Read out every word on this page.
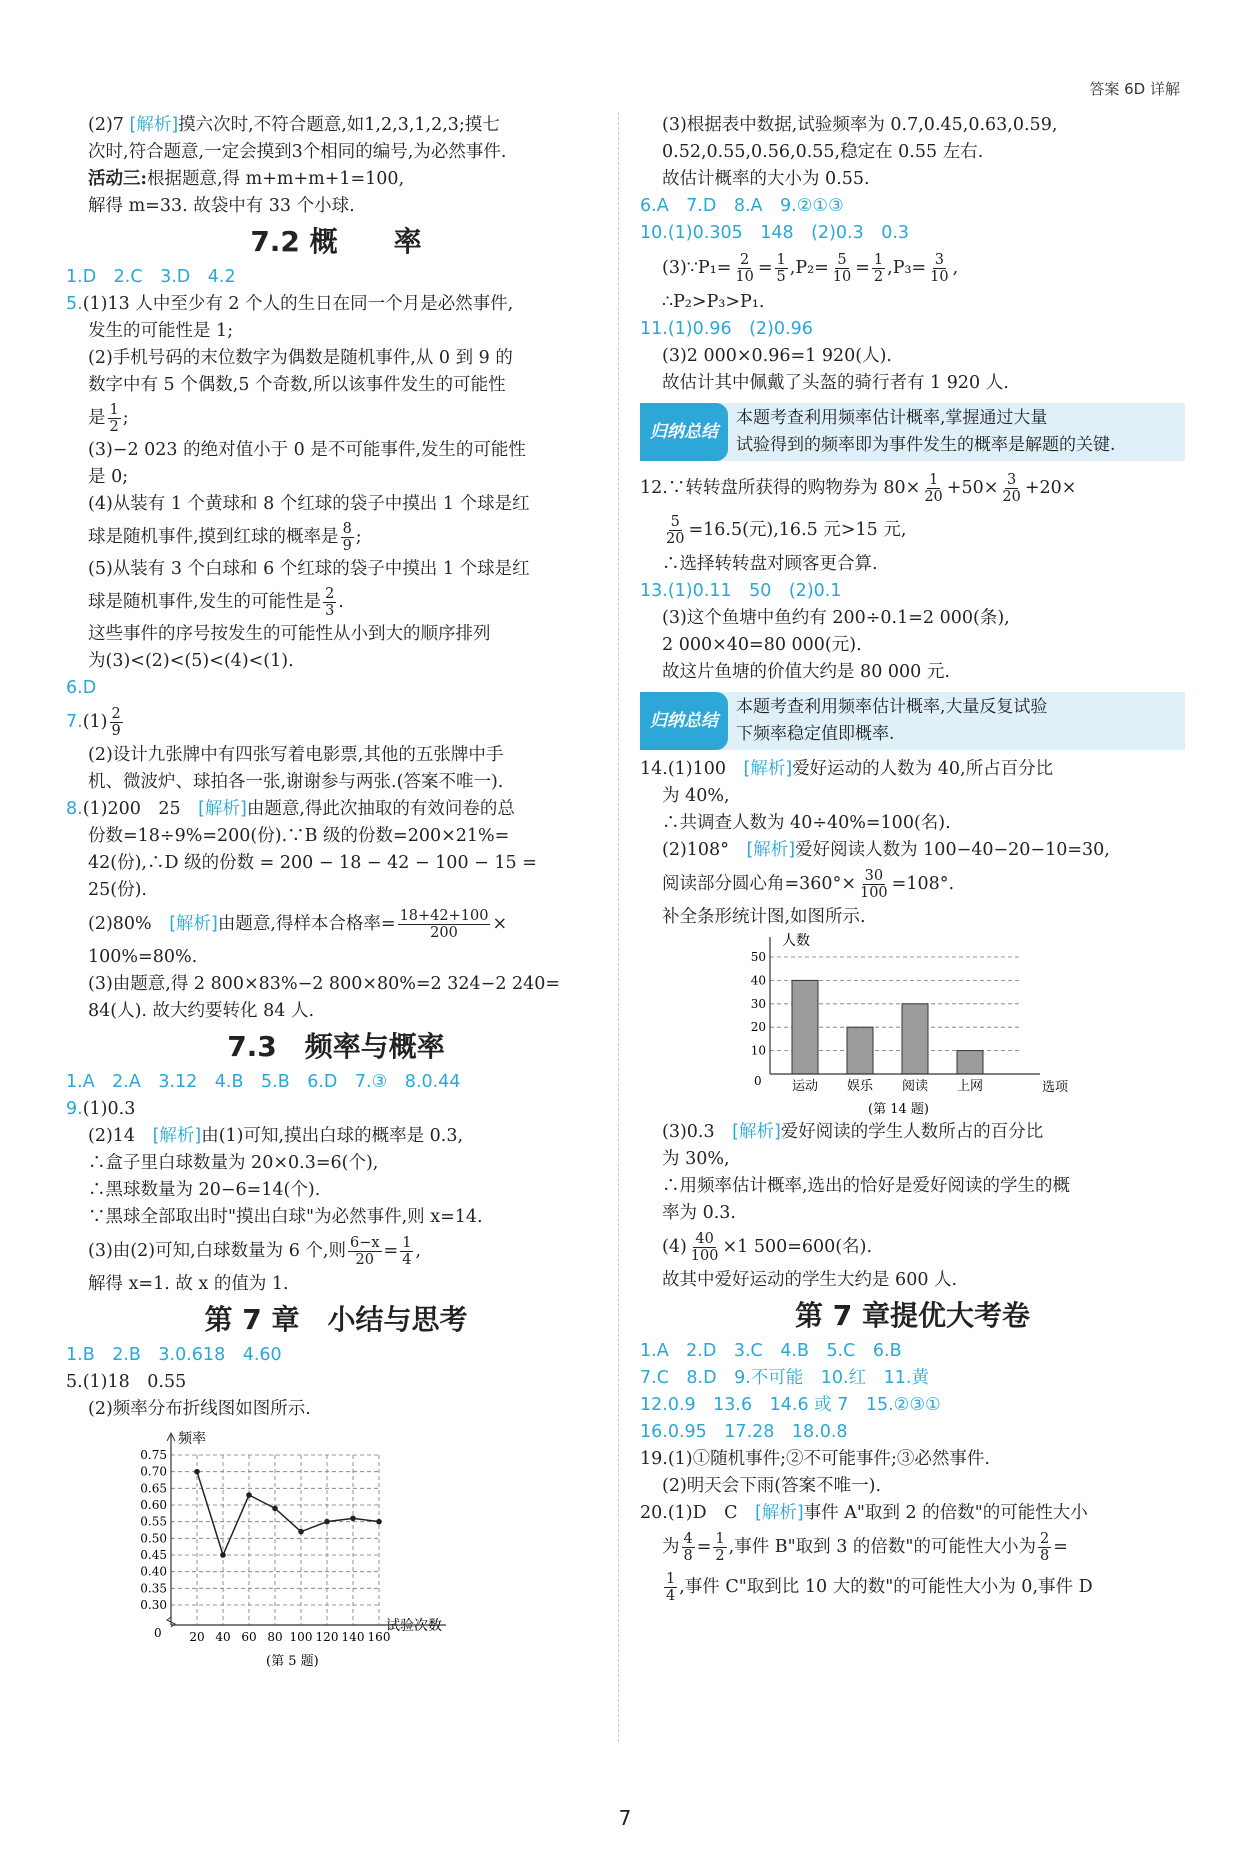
答案 6D 详解
(2)7 [解析]摸六次时,不符合题意,如1,2,3,1,2,3;摸七
次时,符合题意,一定会摸到3个相同的编号,为必然事件.
活动三:根据题意,得 m+m+m+1=100,
解得 m=33. 故袋中有 33 个小球.
7.2 概　　率
1.D　2.C　3.D　4.2
5.(1)13 人中至少有 2 个人的生日在同一个月是必然事件,
发生的可能性是 1;
(2)手机号码的末位数字为偶数是随机事件,从 0 到 9 的
数字中有 5 个偶数,5 个奇数,所以该事件发生的可能性
是 $\frac{1}{2}$ ;
(3)−2 023 的绝对值小于 0 是不可能事件,发生的可能性
是 0;
(4)从装有 1 个黄球和 8 个红球的袋子中摸出 1 个球是红
球是随机事件,摸到红球的概率是 $\frac{8}{9}$ ;
(5)从装有 3 个白球和 6 个红球的袋子中摸出 1 个球是红
球是随机事件,发生的可能性是 $\frac{2}{3}$ .
这些事件的序号按发生的可能性从小到大的顺序排列
为(3)<(2)<(5)<(4)<(1).
6.D
$7.(1) \frac{2}{9}$
(2)设计九张牌中有四张写着电影票,其他的五张牌中手
机、微波炉、球拍各一张,谢谢参与两张.(答案不唯一).
8.(1)200　25　[解析]由题意,得此次抽取的有效问卷的总
份数=18÷9%=200(份).∵B 级的份数=200×21%=
42(份),∴D 级的份数 = 200 − 18 − 42 − 100 − 15 =
25(份).
(2)80%　[解析]由题意,得样本合格率= $\frac{18+42+100}{200}$ ×
100%=80%.
(3)由题意,得 2 800×83%−2 800×80%=2 324−2 240=
84(人). 故大约要转化 84 人.
7.3　频率与概率
1.A　2.A　3.12　4.B　5.B　6.D　7.③　8.0.44
9.(1)0.3
(2)14　[解析]由(1)可知,摸出白球的概率是 0.3,
∴盒子里白球数量为 20×0.3=6(个),
∴黑球数量为 20−6=14(个).
∵黑球全部取出时"摸出白球"为必然事件,则 x=14.
(3)由(2)可知,白球数量为 6 个,则 $\frac{6-x}{20} = \frac{1}{4}$ ,
解得 x=1. 故 x 的值为 1.
第 7 章　小结与思考
1.B　2.B　3.0.618　4.60
5.(1)18　0.55
(2)频率分布折线图如图所示.
频率
试验次数
0
(第 5 题)
0.75
0.70
0.65
0.60
0.55
0.50
0.45
0.40
0.35
0.30
20 40 60 80 100 120 140 160
(3)根据表中数据,试验频率为 0.7,0.45,0.63,0.59,
0.52,0.55,0.56,0.55,稳定在 0.55 左右.
故估计概率的大小为 0.55.
6.A　7.D　8.A　9.②①③
10.(1)0.305　148　(2)0.3　0.3
(3)∵P₁= $\frac{2}{10} = \frac{1}{5} ,P_2= \frac{5}{10} = \frac{1}{2} ,P_3= \frac{3}{10}$ ,
∴P₂>P₃>P₁.
11.(1)0.96　(2)0.96
(3)2 000×0.96=1 920(人).
故估计其中佩戴了头盔的骑行者有 1 920 人.
归纳总结
本题考查利用频率估计概率,掌握通过大量
试验得到的频率即为事件发生的概率是解题的关键.
12.∵转转盘所获得的购物券为 $80\times \frac{1}{20} +50\times \frac{3}{20} +20\times$
$\frac{5}{20} =16.5$(元),16.5 元>15 元,
∴选择转转盘对顾客更合算.
13.(1)0.11　50　(2)0.1
(3)这个鱼塘中鱼约有 200÷0.1=2 000(条),
2 000×40=80 000(元).
故这片鱼塘的价值大约是 80 000 元.
归纳总结
本题考查利用频率估计概率,大量反复试验
下频率稳定值即概率.
14.(1)100　[解析]爱好运动的人数为 40,所占百分比
为 40%,
∴共调查人数为 40÷40%=100(名).
(2)108°　[解析]爱好阅读人数为 100−40−20−10=30,
阅读部分圆心角$=360^\circ\times \frac{30}{100} =108^\circ$.
补全条形统计图,如图所示.
人数
选项
0
(第 14 题)
50
40
30
20
10
运动 娱乐 阅读 上网
(3)0.3　[解析]爱好阅读的学生人数所占的百分比
为 30%,
∴用频率估计概率,选出的恰好是爱好阅读的学生的概
率为 0.3.
$(4) \frac{40}{100} \times 1$ 500=600(名).
故其中爱好运动的学生大约是 600 人.
第 7 章提优大考卷
1.A　2.D　3.C　4.B　5.C　6.B
7.C　8.D　9.不可能　10.红　11.黄
12.0.9　13.6　14.6 或 7　15.②③①
16.0.95　17.28　18.0.8
19.(1)①随机事件;②不可能事件;③必然事件.
(2)明天会下雨(答案不唯一).
20.(1)D　C　[解析]事件 A"取到 2 的倍数"的可能性大小
为 $\frac{4}{8} = \frac{1}{2}$ ,事件 B"取到 3 的倍数"的可能性大小为 $\frac{2}{8}$ =
$\frac{1}{4}$ ,事件 C"取到比 10 大的数"的可能性大小为 0,事件 D
7
